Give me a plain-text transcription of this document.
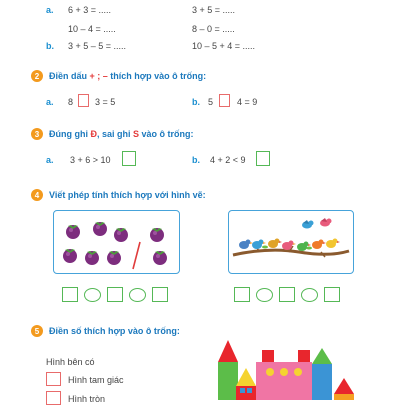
a. 6 + 3 = .....	3 + 5 = .....
10 – 4 = .....	8 – 0 = .....
b. 3 + 5 – 5 = .....	10 – 5 + 4 = .....
2	Điền dấu + ; – thích hợp vào ô trống:
a. 8 3 = 5	b. 5	4 = 9
3	Đúng ghi Đ, sai ghi S vào ô trống:
a. 3 + 6 > 10	b. 4 + 2 < 9
4	Viết phép tính thích hợp với hình vẽ:
5	Điền số thích hợp vào ô trống:
Hình bên có
Hình tam giác
Hình tròn
